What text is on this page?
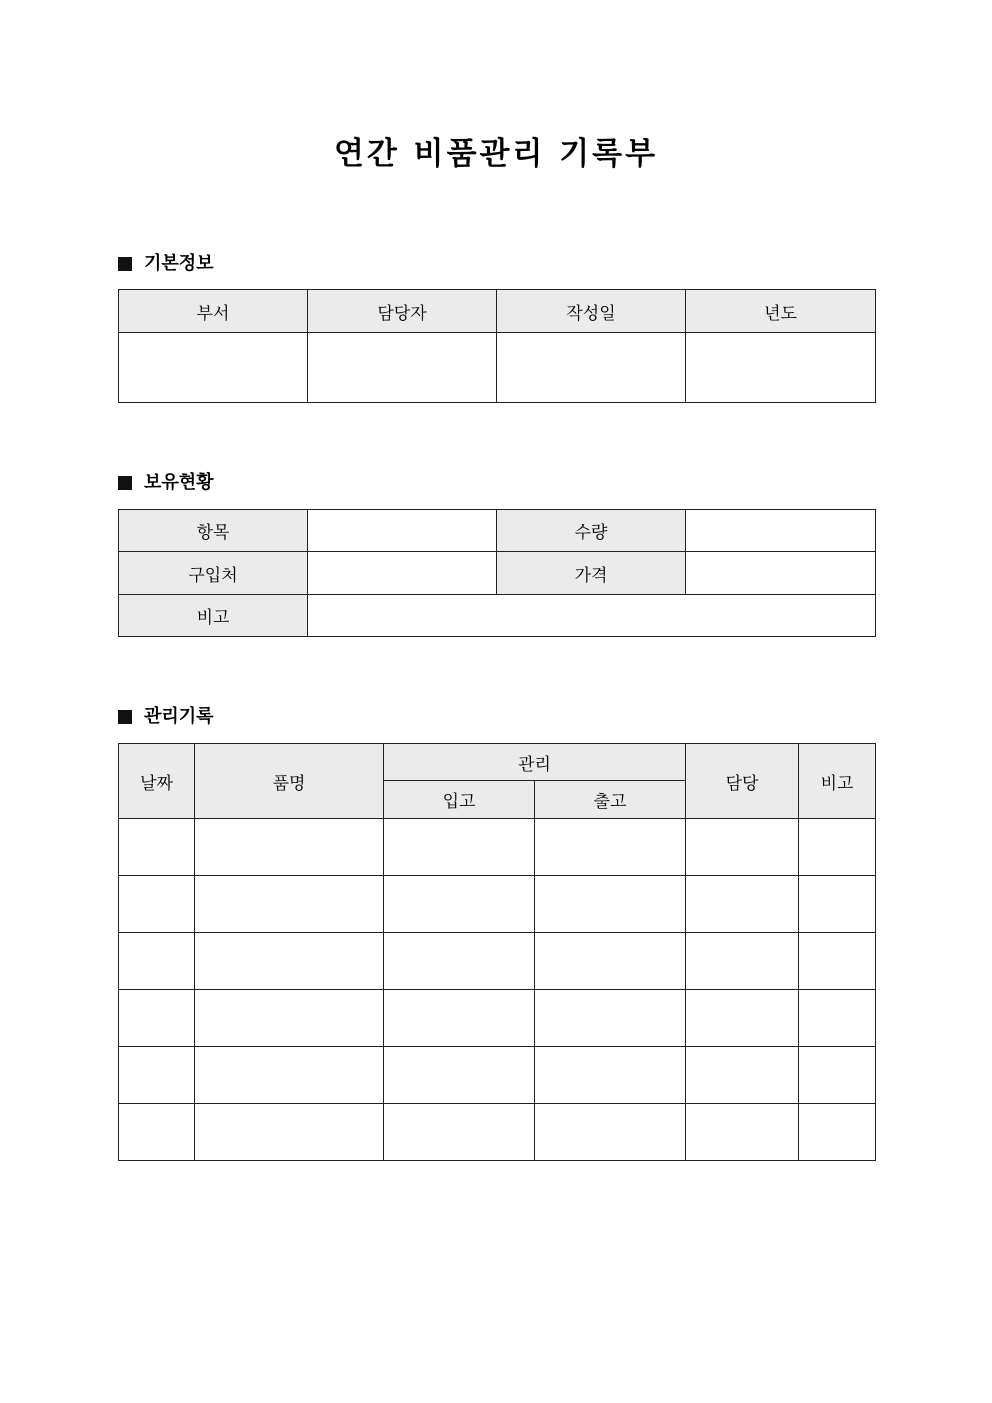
연간 비품관리 기록부
기본정보
부서	담당자	작성일	년도

보유현황
항목		수량	
구입처		가격	
비고			
관리기록
날짜	품명	관리		담당	비고
		입고	출고		
